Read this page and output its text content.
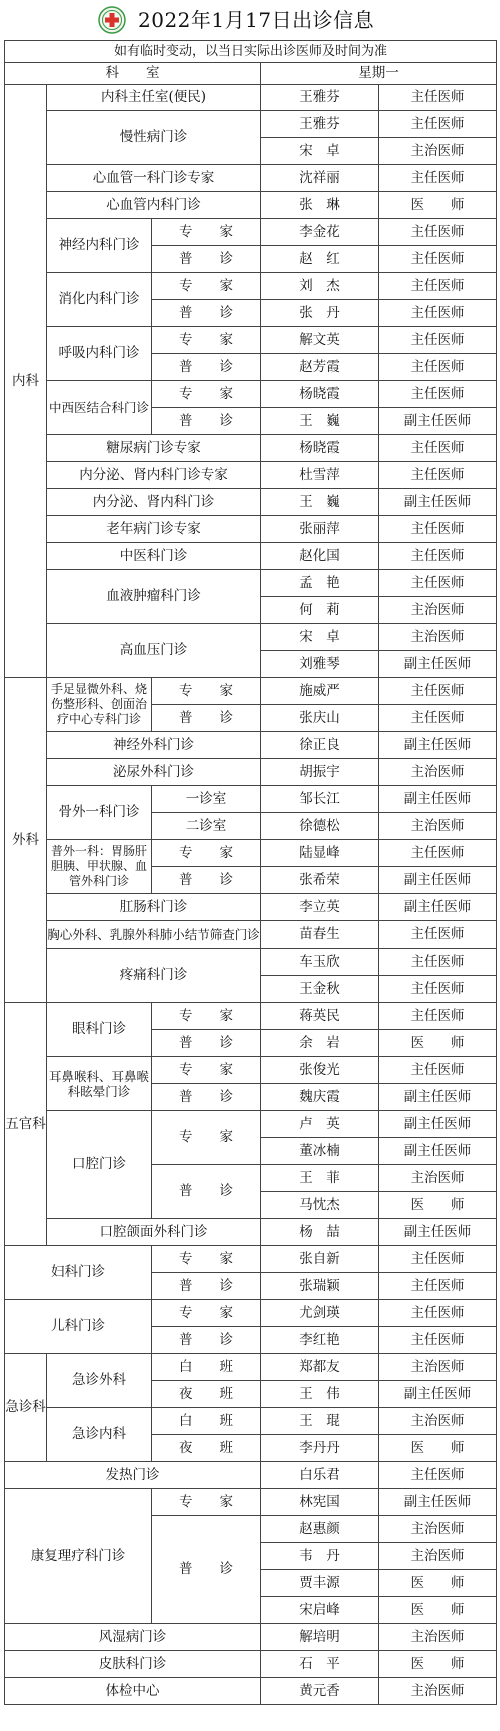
2022年1月17日出诊信息
如有临时变动，以当日实际出诊医师及时间为准				
科　　室			星期一	
内科	内科主任室(便民)		王雅芬	主任医师
	慢性病门诊		王雅芬	主任医师
			宋　卓	主治医师
	心血管一科门诊专家		沈祥丽	主任医师
	心血管内科门诊		张　琳	医　　师
	神经内科门诊	专　　家	李金花	主任医师
		普　　诊	赵　红	主任医师
	消化内科门诊	专　　家	刘　杰	主任医师
		普　　诊	张　丹	主任医师
	呼吸内科门诊	专　　家	解文英	主任医师
		普　　诊	赵芳霞	主任医师
	中西医结合科门诊	专　　家	杨晓霞	主任医师
		普　　诊	王　巍	副主任医师
	糖尿病门诊专家		杨晓霞	主任医师
	内分泌、肾内科门诊专家		杜雪萍	主任医师
	内分泌、肾内科门诊		王　巍	副主任医师
	老年病门诊专家		张丽萍	主任医师
	中医科门诊		赵化国	主任医师
	血液肿瘤科门诊		孟　艳	主任医师
			何　莉	主治医师
	高血压门诊		宋　卓	主治医师
			刘雅琴	副主任医师
外科	手足显微外科、烧伤整形科、创面治疗中心专科门诊	专　　家	施威严	主任医师
		普　　诊	张庆山	主任医师
	神经外科门诊		徐正良	副主任医师
	泌尿外科门诊		胡振宇	主治医师
	骨外一科门诊	一诊室	邹长江	副主任医师
		二诊室	徐德松	主治医师
	普外一科：胃肠肝胆胰、甲状腺、血管外科门诊	专　　家	陆显峰	主任医师
		普　　诊	张希荣	副主任医师
	肛肠科门诊		李立英	副主任医师
	胸心外科、乳腺外科肺小结节筛查门诊		苗春生	主任医师
	疼痛科门诊		车玉欣	主任医师
			王金秋	主任医师
五官科	眼科门诊	专　　家	蒋英民	主任医师
		普　　诊	余　岩	医　　师
	耳鼻喉科、耳鼻喉科眩晕门诊	专　　家	张俊光	主任医师
		普　　诊	魏庆霞	副主任医师
	口腔门诊	专　　家	卢　英	副主任医师
			董冰楠	副主任医师
		普　　诊	王　菲	主治医师
			马忱杰	医　　师
	口腔颌面外科门诊		杨　喆	副主任医师
妇科门诊		专　　家	张自新	主任医师
		普　　诊	张瑞颖	主任医师
儿科门诊		专　　家	尤剑瑛	主任医师
		普　　诊	李红艳	主任医师
急诊科	急诊外科	白　　班	郑都友	主治医师
		夜　　班	王　伟	副主任医师
	急诊内科	白　　班	王　琨	主治医师
		夜　　班	李丹丹	医　　师
发热门诊			白乐君	主任医师
康复理疗科门诊		专　　家	林宪国	副主任医师
		普　　诊	赵惠颜	主治医师
			韦　丹	主治医师
			贾丰源	医　　师
			宋启峰	医　　师
风湿病门诊			解培明	主治医师
皮肤科门诊			石　平	医　　师
体检中心			黄元香	主治医师
